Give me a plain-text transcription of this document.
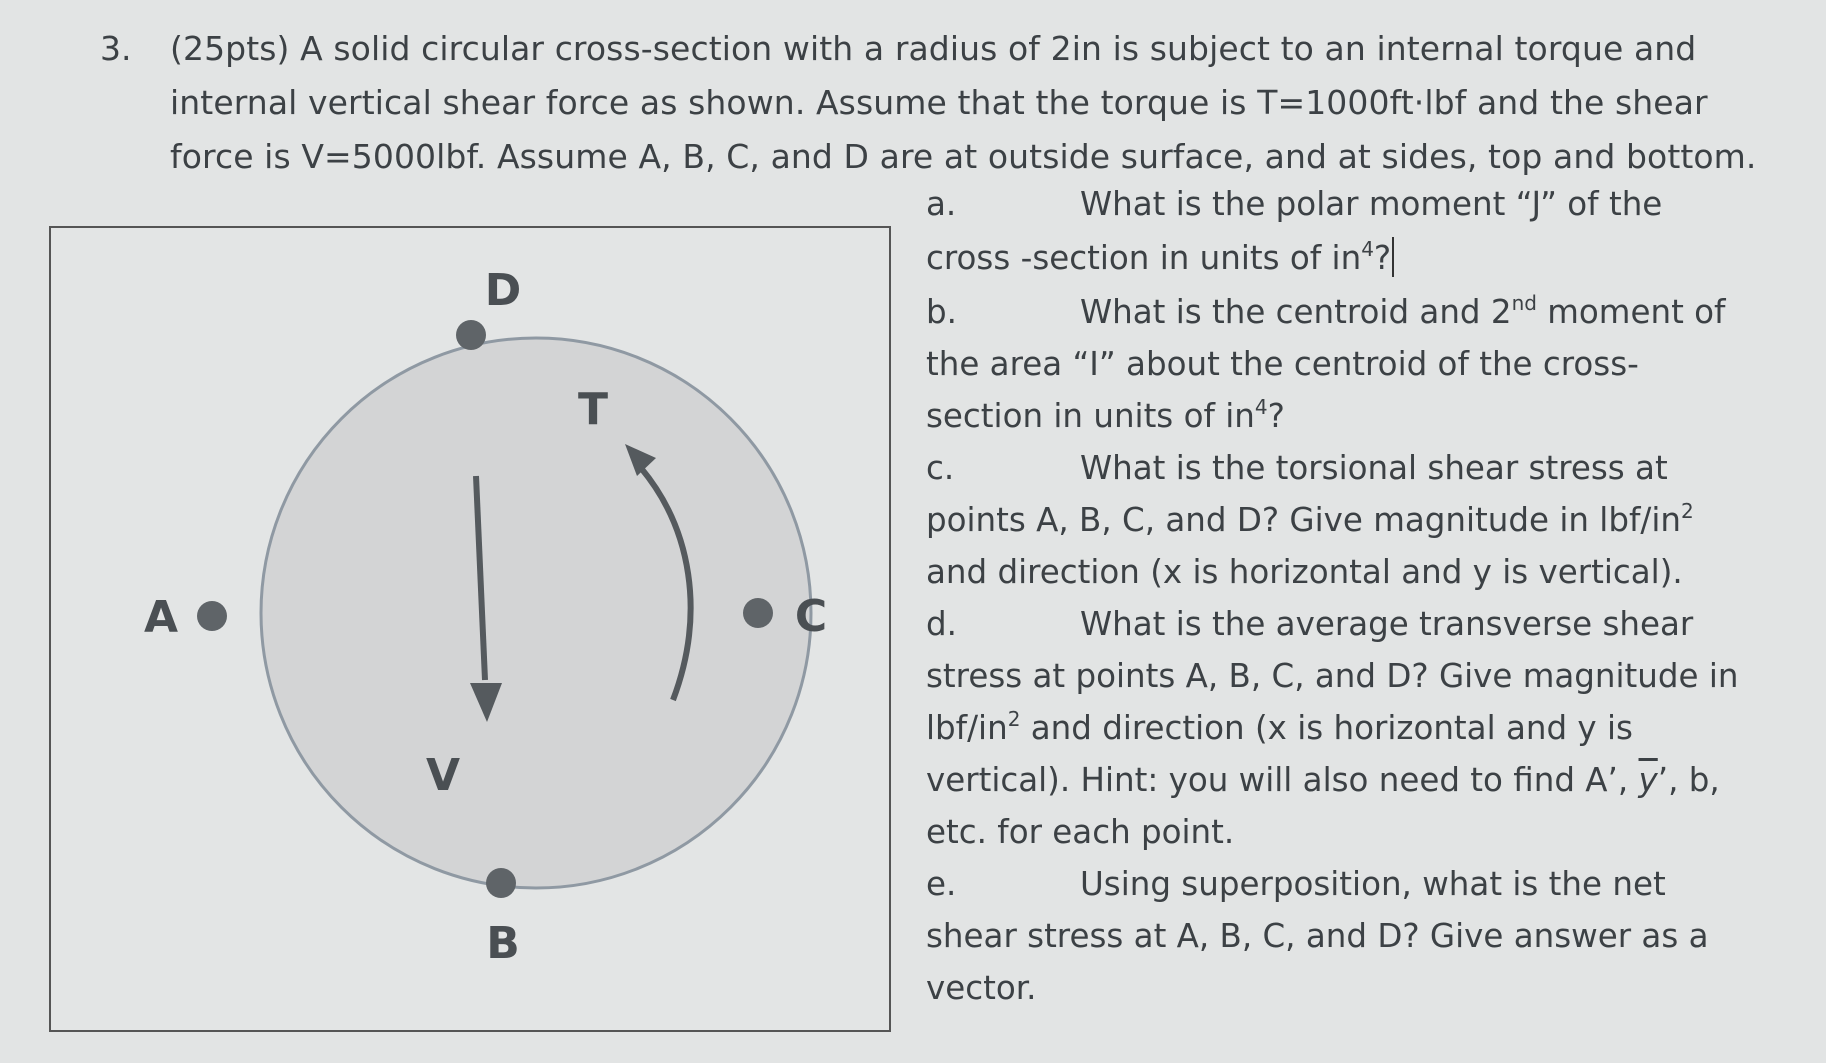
3. (25pts) A solid circular cross-section with a radius of 2in is subject to an internal torque and
internal vertical shear force as shown. Assume that the torque is T=1000ft·lbf and the shear
force is V=5000lbf. Assume A, B, C, and D are at outside surface, and at sides, top and bottom.
a.	What is the polar moment “J” of the
cross -section in units of $in^4$?
b.	What is the centroid and 2nd moment of
the area “I” about the centroid of the cross-
section in units of $in^4$?
c.	What is the torsional shear stress at
points A, B, C, and D? Give magnitude in lbf/$in^2$
and direction (x is horizontal and y is vertical).
d.	What is the average transverse shear
stress at points A, B, C, and D? Give magnitude in
lbf/$in^2$ and direction (x is horizontal and y is
vertical). Hint: you will also need to find A’, $\overline{y}$’, b,
etc. for each point.
e.	Using superposition, what is the net
shear stress at A, B, C, and D? Give answer as a
vector.
D
B
A	C
T
V
